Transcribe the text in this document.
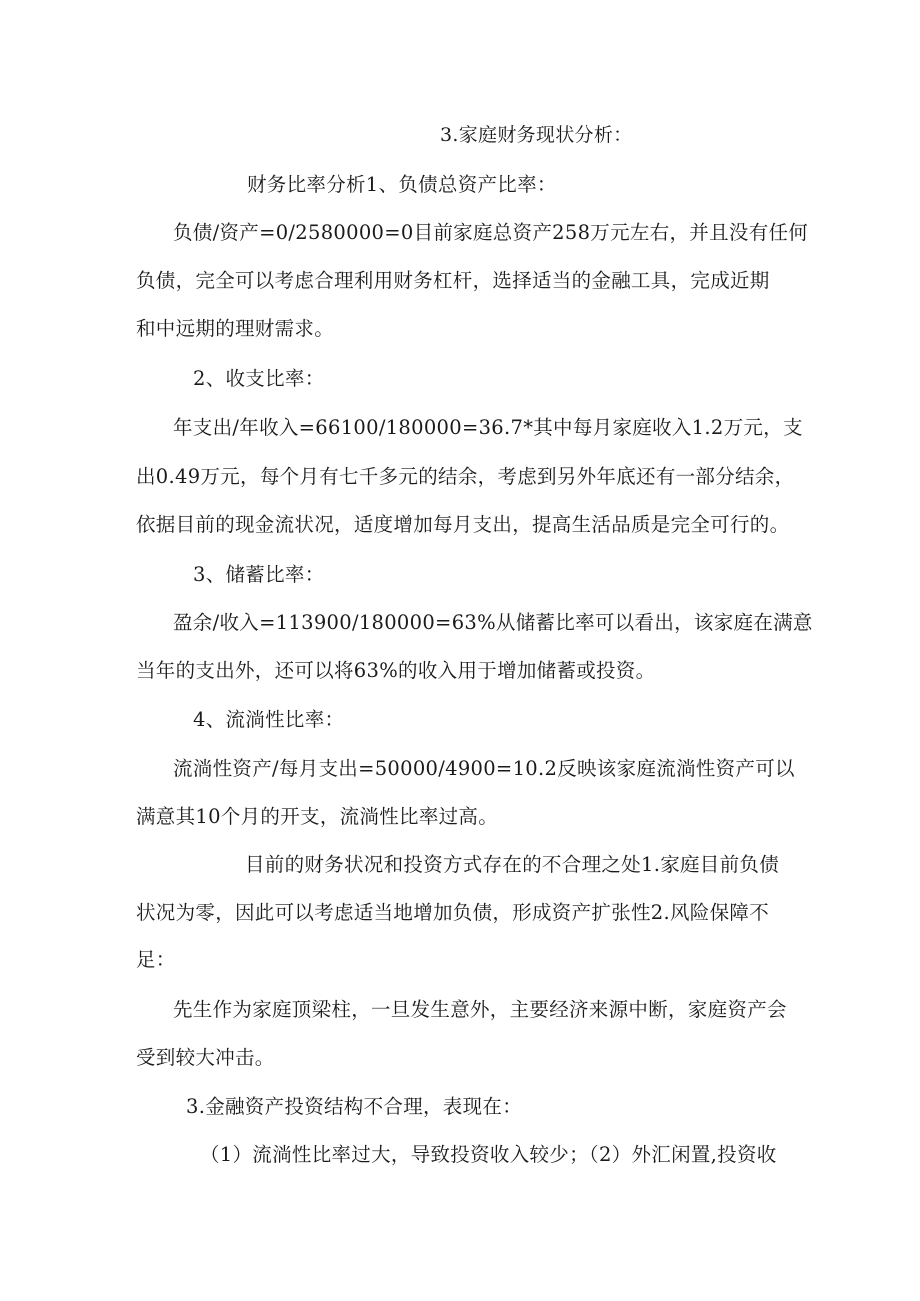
3.家庭财务现状分析：
财务比率分析1、负债总资产比率：
负债/资产=0/2580000=0目前家庭总资产258万元左右，并且没有任何
负债，完全可以考虑合理利用财务杠杆，选择适当的金融工具，完成近期
和中远期的理财需求。
2、收支比率：
年支出/年收入=66100/180000=36.7*其中每月家庭收入1.2万元，支
出0.49万元，每个月有七千多元的结余，考虑到另外年底还有一部分结余，
依据目前的现金流状况，适度增加每月支出，提高生活品质是完全可行的。
3、储蓄比率：
盈余/收入=113900/180000=63%从储蓄比率可以看出，该家庭在满意
当年的支出外，还可以将63%的收入用于增加储蓄或投资。
4、流淌性比率：
流淌性资产/每月支出=50000/4900=10.2反映该家庭流淌性资产可以
满意其10个月的开支，流淌性比率过高。
目前的财务状况和投资方式存在的不合理之处1.家庭目前负债
状况为零，因此可以考虑适当地增加负债，形成资产扩张性2.风险保障不
足：
先生作为家庭顶梁柱，一旦发生意外，主要经济来源中断，家庭资产会
受到较大冲击。
3.金融资产投资结构不合理，表现在：
（1）流淌性比率过大，导致投资收入较少；（2）外汇闲置,投资收
